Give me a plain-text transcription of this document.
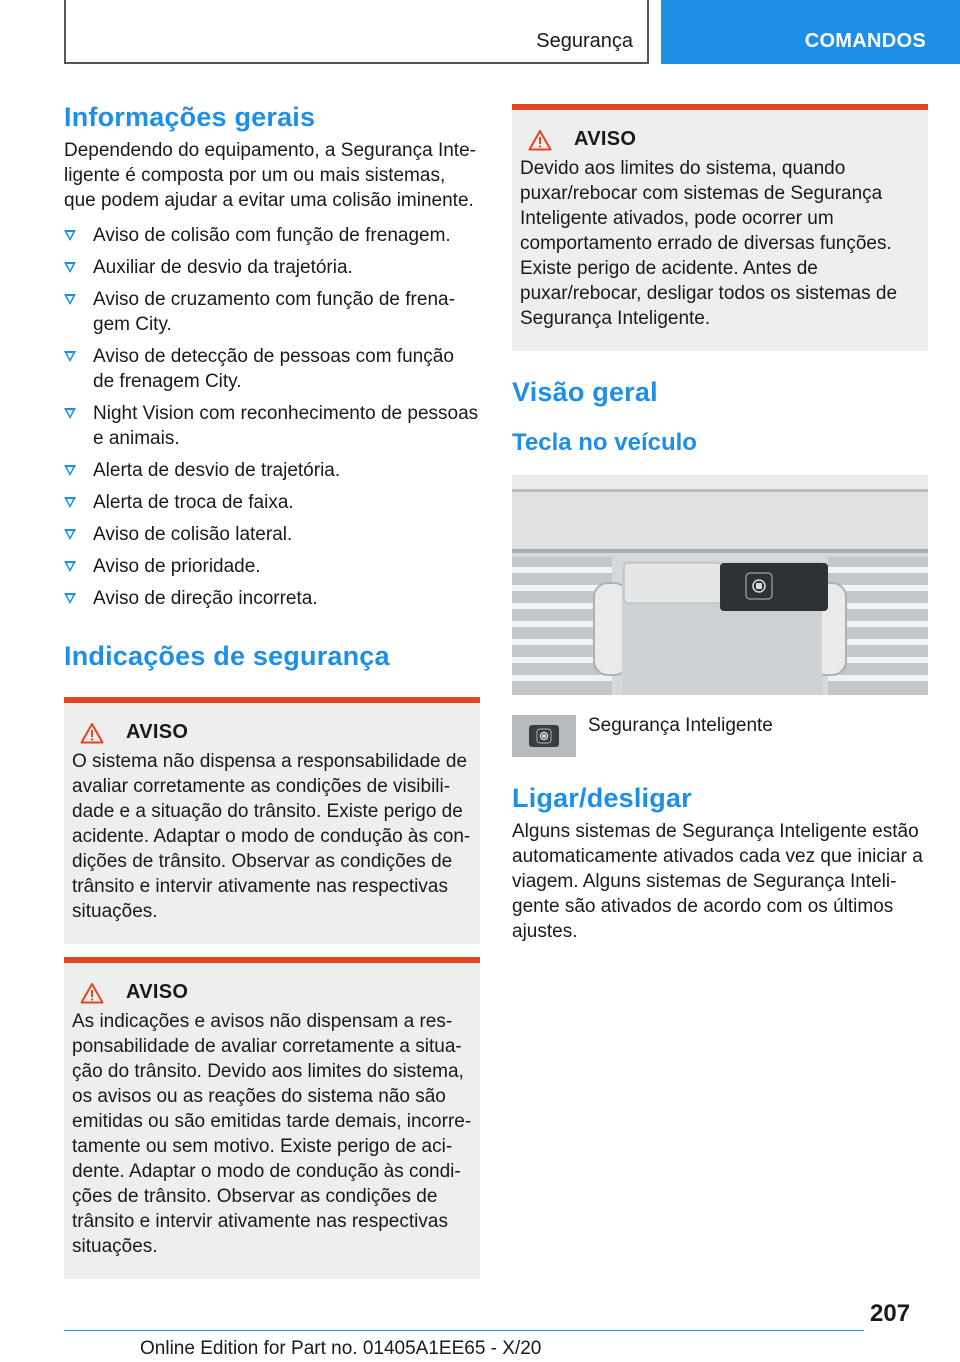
Segurança	COMANDOS
Informações gerais

Dependendo do equipamento, a Segurança Inteligente é composta por um ou mais sistemas, que podem ajudar a evitar uma colisão iminente.

Aviso de colisão com função de frenagem.
Auxiliar de desvio da trajetória.
Aviso de cruzamento com função de frenagem City.
Aviso de detecção de pessoas com função de frenagem City.
Night Vision com reconhecimento de pessoas e animais.
Alerta de desvio de trajetória.
Alerta de troca de faixa.
Aviso de colisão lateral.
Aviso de prioridade.
Aviso de direção incorreta.
Indicações de segurança
AVISO

O sistema não dispensa a responsabilidade de avaliar corretamente as condições de visibilidade e a situação do trânsito. Existe perigo de acidente. Adaptar o modo de condução às condições de trânsito. Observar as condições de trânsito e intervir ativamente nas respectivas situações.

AVISO

As indicações e avisos não dispensam a responsabilidade de avaliar corretamente a situação do trânsito. Devido aos limites do sistema, os avisos ou as reações do sistema não são emitidas ou são emitidas tarde demais, incorretamente ou sem motivo. Existe perigo de acidente. Adaptar o modo de condução às condições de trânsito. Observar as condições de trânsito e intervir ativamente nas respectivas situações.

AVISO

Devido aos limites do sistema, quando puxar/rebocar com sistemas de Segurança Inteligente ativados, pode ocorrer um comportamento errado de diversas funções. Existe perigo de acidente. Antes de puxar/rebocar, desligar todos os sistemas de Segurança Inteligente.

Visão geral
Tecla no veículo
Segurança Inteligente
Ligar/desligar

Alguns sistemas de Segurança Inteligente estão automaticamente ativados cada vez que iniciar a viagem. Alguns sistemas de Segurança Inteligente são ativados de acordo com os últimos ajustes.

207
Online Edition for Part no. 01405A1EE65 - X/20
